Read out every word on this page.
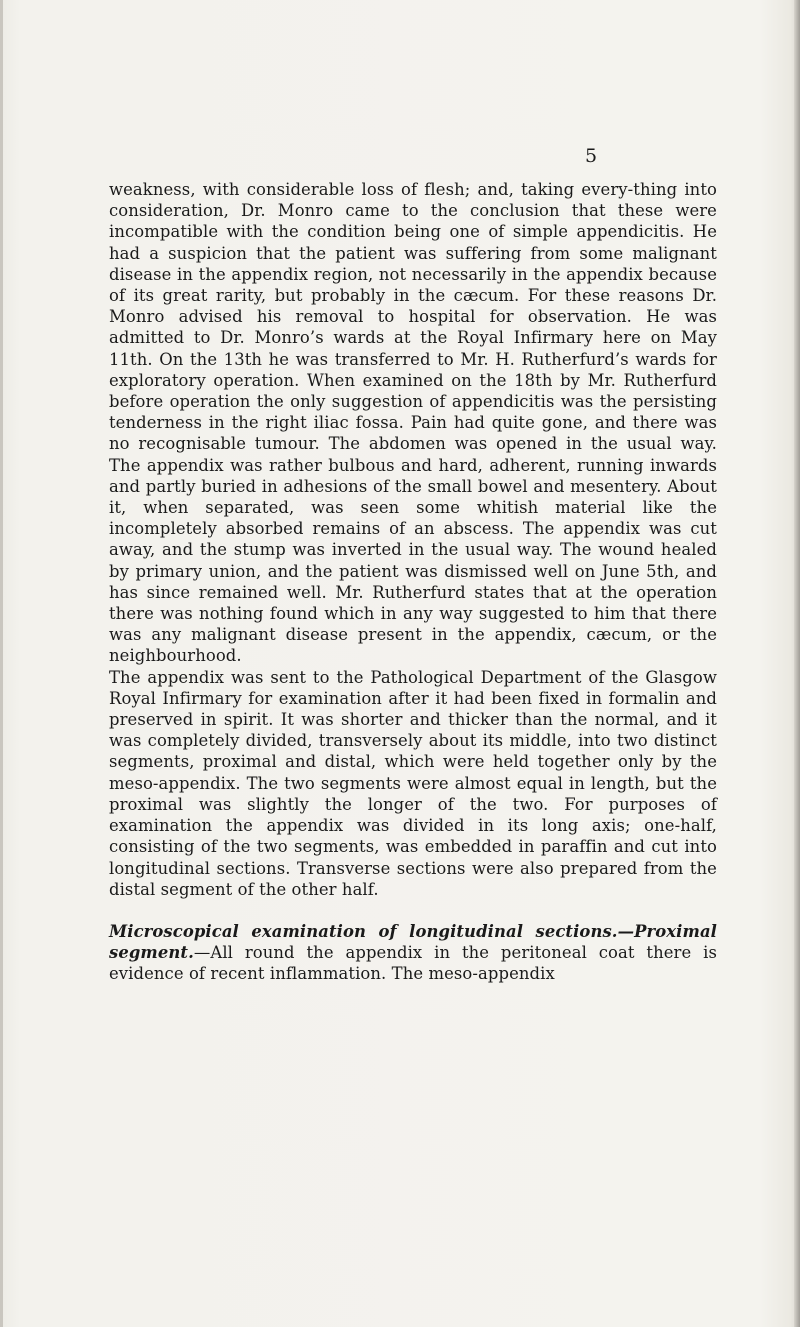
5

weakness, with considerable loss of flesh; and, taking every-thing into consideration, Dr. Monro came to the conclusion that these were incompatible with the condition being one of simple appendicitis. He had a suspicion that the patient was suffering from some malignant disease in the appendix region, not necessarily in the appendix because of its great rarity, but probably in the cæcum. For these reasons Dr. Monro advised his removal to hospital for observation. He was admitted to Dr. Monro’s wards at the Royal Infirmary here on May 11th. On the 13th he was transferred to Mr. H. Rutherfurd’s wards for exploratory operation. When examined on the 18th by Mr. Rutherfurd before operation the only suggestion of appendicitis was the persisting tenderness in the right iliac fossa. Pain had quite gone, and there was no recognisable tumour. The abdomen was opened in the usual way. The appendix was rather bulbous and hard, adherent, running inwards and partly buried in adhesions of the small bowel and mesentery. About it, when separated, was seen some whitish material like the incompletely absorbed remains of an abscess. The appendix was cut away, and the stump was inverted in the usual way. The wound healed by primary union, and the patient was dismissed well on June 5th, and has since remained well. Mr. Rutherfurd states that at the operation there was nothing found which in any way suggested to him that there was any malignant disease present in the appendix, cæcum, or the neighbourhood.

The appendix was sent to the Pathological Department of the Glasgow Royal Infirmary for examination after it had been fixed in formalin and preserved in spirit. It was shorter and thicker than the normal, and it was completely divided, transversely about its middle, into two distinct segments, proximal and distal, which were held together only by the meso-appendix. The two segments were almost equal in length, but the proximal was slightly the longer of the two. For purposes of examination the appendix was divided in its long axis; one-half, consisting of the two segments, was embedded in paraffin and cut into longitudinal sections. Transverse sections were also prepared from the distal segment of the other half.

Microscopical examination of longitudinal sections.—Proximal segment.—All round the appendix in the peritoneal coat there is evidence of recent inflammation. The meso-appendix
